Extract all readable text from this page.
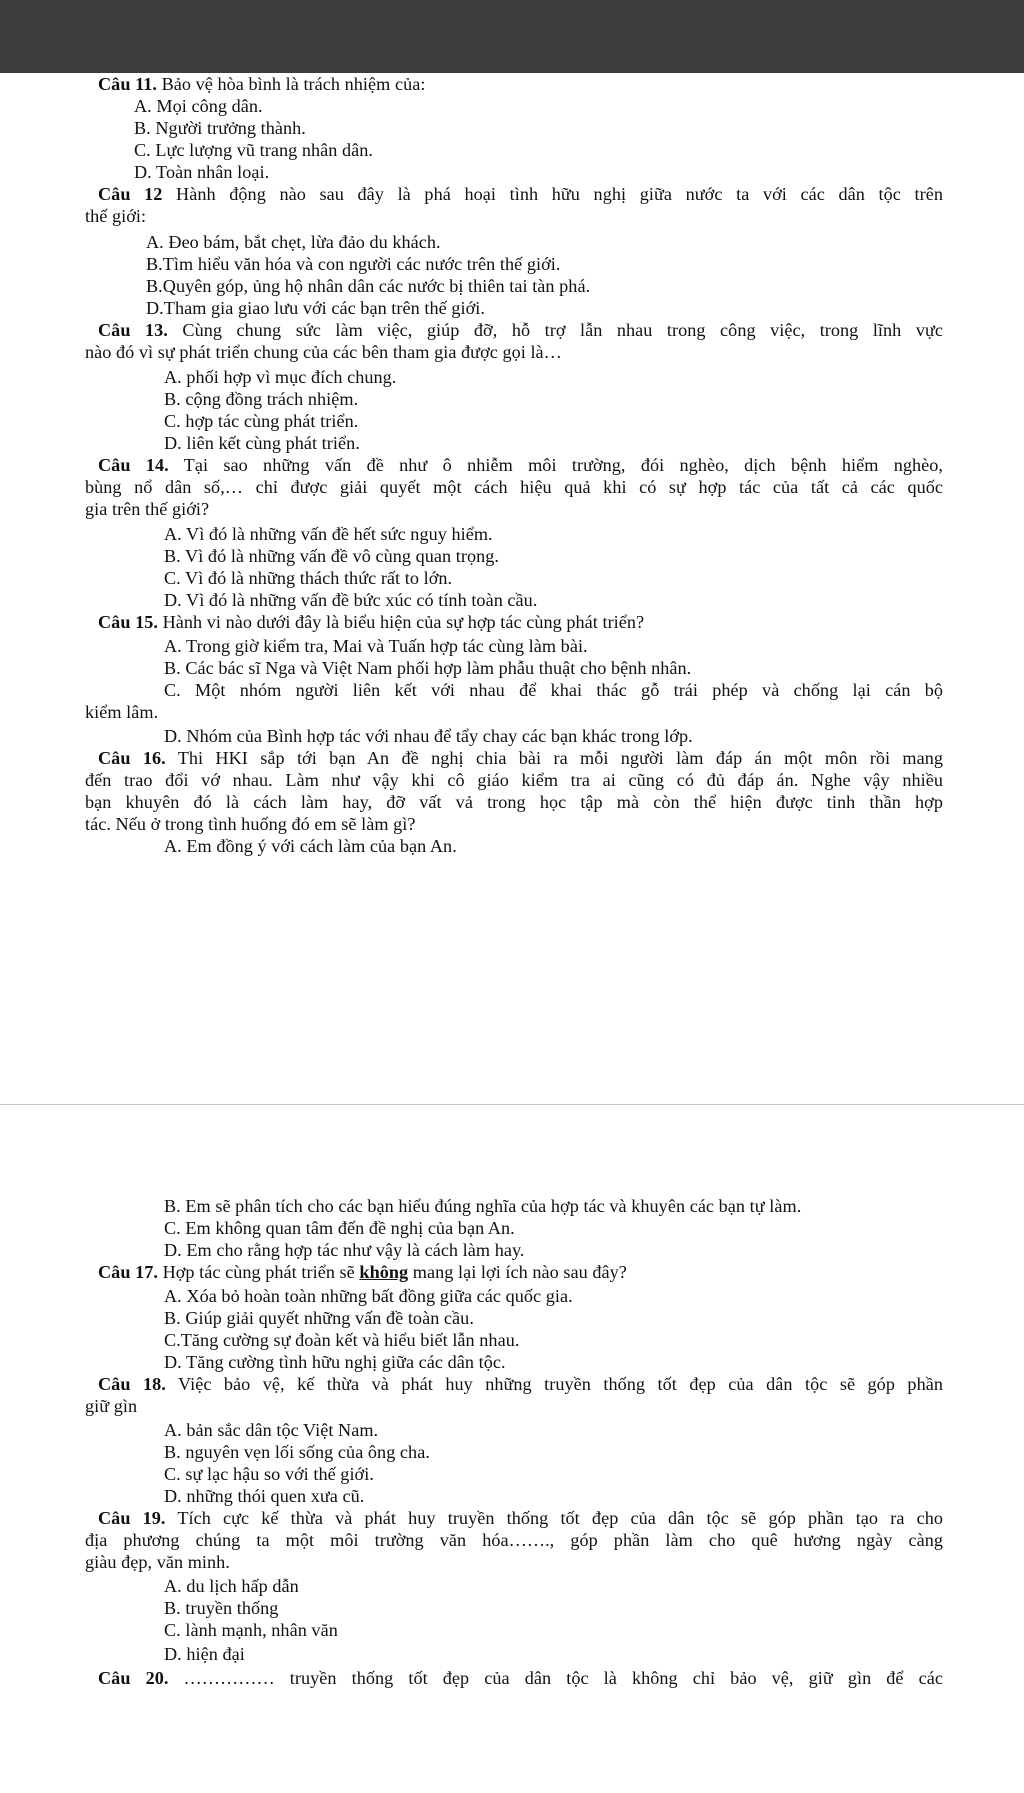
Câu 11. Bảo vệ hòa bình là trách nhiệm của:
A. Mọi công dân.
B. Người trưởng thành.
C. Lực lượng vũ trang nhân dân.
D. Toàn nhân loại.
Câu 12 Hành động nào sau đây là phá hoại tình hữu nghị giữa nước ta với các dân tộc trên
thế giới:
A. Đeo bám, bắt chẹt, lừa đảo du khách.
B.Tìm hiểu văn hóa và con người các nước trên thế giới.
B.Quyên góp, ủng hộ nhân dân các nước bị thiên tai tàn phá.
D.Tham gia giao lưu với các bạn trên thế giới.
Câu 13. Cùng chung sức làm việc, giúp đỡ, hỗ trợ lẫn nhau trong công việc, trong lĩnh vực
nào đó vì sự phát triển chung của các bên tham gia được gọi là…
A. phối hợp vì mục đích chung.
B. cộng đồng trách nhiệm.
C. hợp tác cùng phát triển.
D. liên kết cùng phát triển.
Câu 14. Tại sao những vấn đề như ô nhiễm môi trường, đói nghèo, dịch bệnh hiểm nghèo,
bùng nổ dân số,… chỉ được giải quyết một cách hiệu quả khi có sự hợp tác của tất cả các quốc
gia trên thế giới?
A. Vì đó là những vấn đề hết sức nguy hiểm.
B. Vì đó là những vấn đề vô cùng quan trọng.
C. Vì đó là những thách thức rất to lớn.
D. Vì đó là những vấn đề bức xúc có tính toàn cầu.
Câu 15. Hành vi nào dưới đây là biểu hiện của sự hợp tác cùng phát triển?
A. Trong giờ kiểm tra, Mai và Tuấn hợp tác cùng làm bài.
B. Các bác sĩ Nga và Việt Nam phối hợp làm phẫu thuật cho bệnh nhân.
C. Một nhóm người liên kết với nhau để khai thác gỗ trái phép và chống lại cán bộ
kiểm lâm.
D. Nhóm của Bình hợp tác với nhau để tẩy chay các bạn khác trong lớp.
Câu 16. Thi HKI sắp tới bạn An đề nghị chia bài ra mỗi người làm đáp án một môn rồi mang
đến trao đổi vớ nhau. Làm như vậy khi cô giáo kiểm tra ai cũng có đủ đáp án. Nghe vậy nhiều
bạn khuyên đó là cách làm hay, đỡ vất vả trong học tập mà còn thể hiện được tinh thần hợp
tác. Nếu ở trong tình huống đó em sẽ làm gì?
A. Em đồng ý với cách làm của bạn An.
B. Em sẽ phân tích cho các bạn hiểu đúng nghĩa của hợp tác và khuyên các bạn tự làm.
C. Em không quan tâm đến đề nghị của bạn An.
D. Em cho rằng hợp tác như vậy là cách làm hay.
Câu 17. Hợp tác cùng phát triển sẽ không mang lại lợi ích nào sau đây?
A. Xóa bỏ hoàn toàn những bất đồng giữa các quốc gia.
B. Giúp giải quyết những vấn đề toàn cầu.
C.Tăng cường sự đoàn kết và hiểu biết lẫn nhau.
D. Tăng cường tình hữu nghị giữa các dân tộc.
Câu 18. Việc bảo vệ, kế thừa và phát huy những truyền thống tốt đẹp của dân tộc sẽ góp phần
giữ gìn
A. bản sắc dân tộc Việt Nam.
B. nguyên vẹn lối sống của ông cha.
C. sự lạc hậu so với thế giới.
D. những thói quen xưa cũ.
Câu 19. Tích cực kế thừa và phát huy truyền thống tốt đẹp của dân tộc sẽ góp phần tạo ra cho
địa phương chúng ta một môi trường văn hóa……., góp phần làm cho quê hương ngày càng
giàu đẹp, văn minh.
A. du lịch hấp dẫn
B. truyền thống
C. lành mạnh, nhân văn
D. hiện đại
Câu 20. …………… truyền thống tốt đẹp của dân tộc là không chỉ bảo vệ, giữ gìn để các
